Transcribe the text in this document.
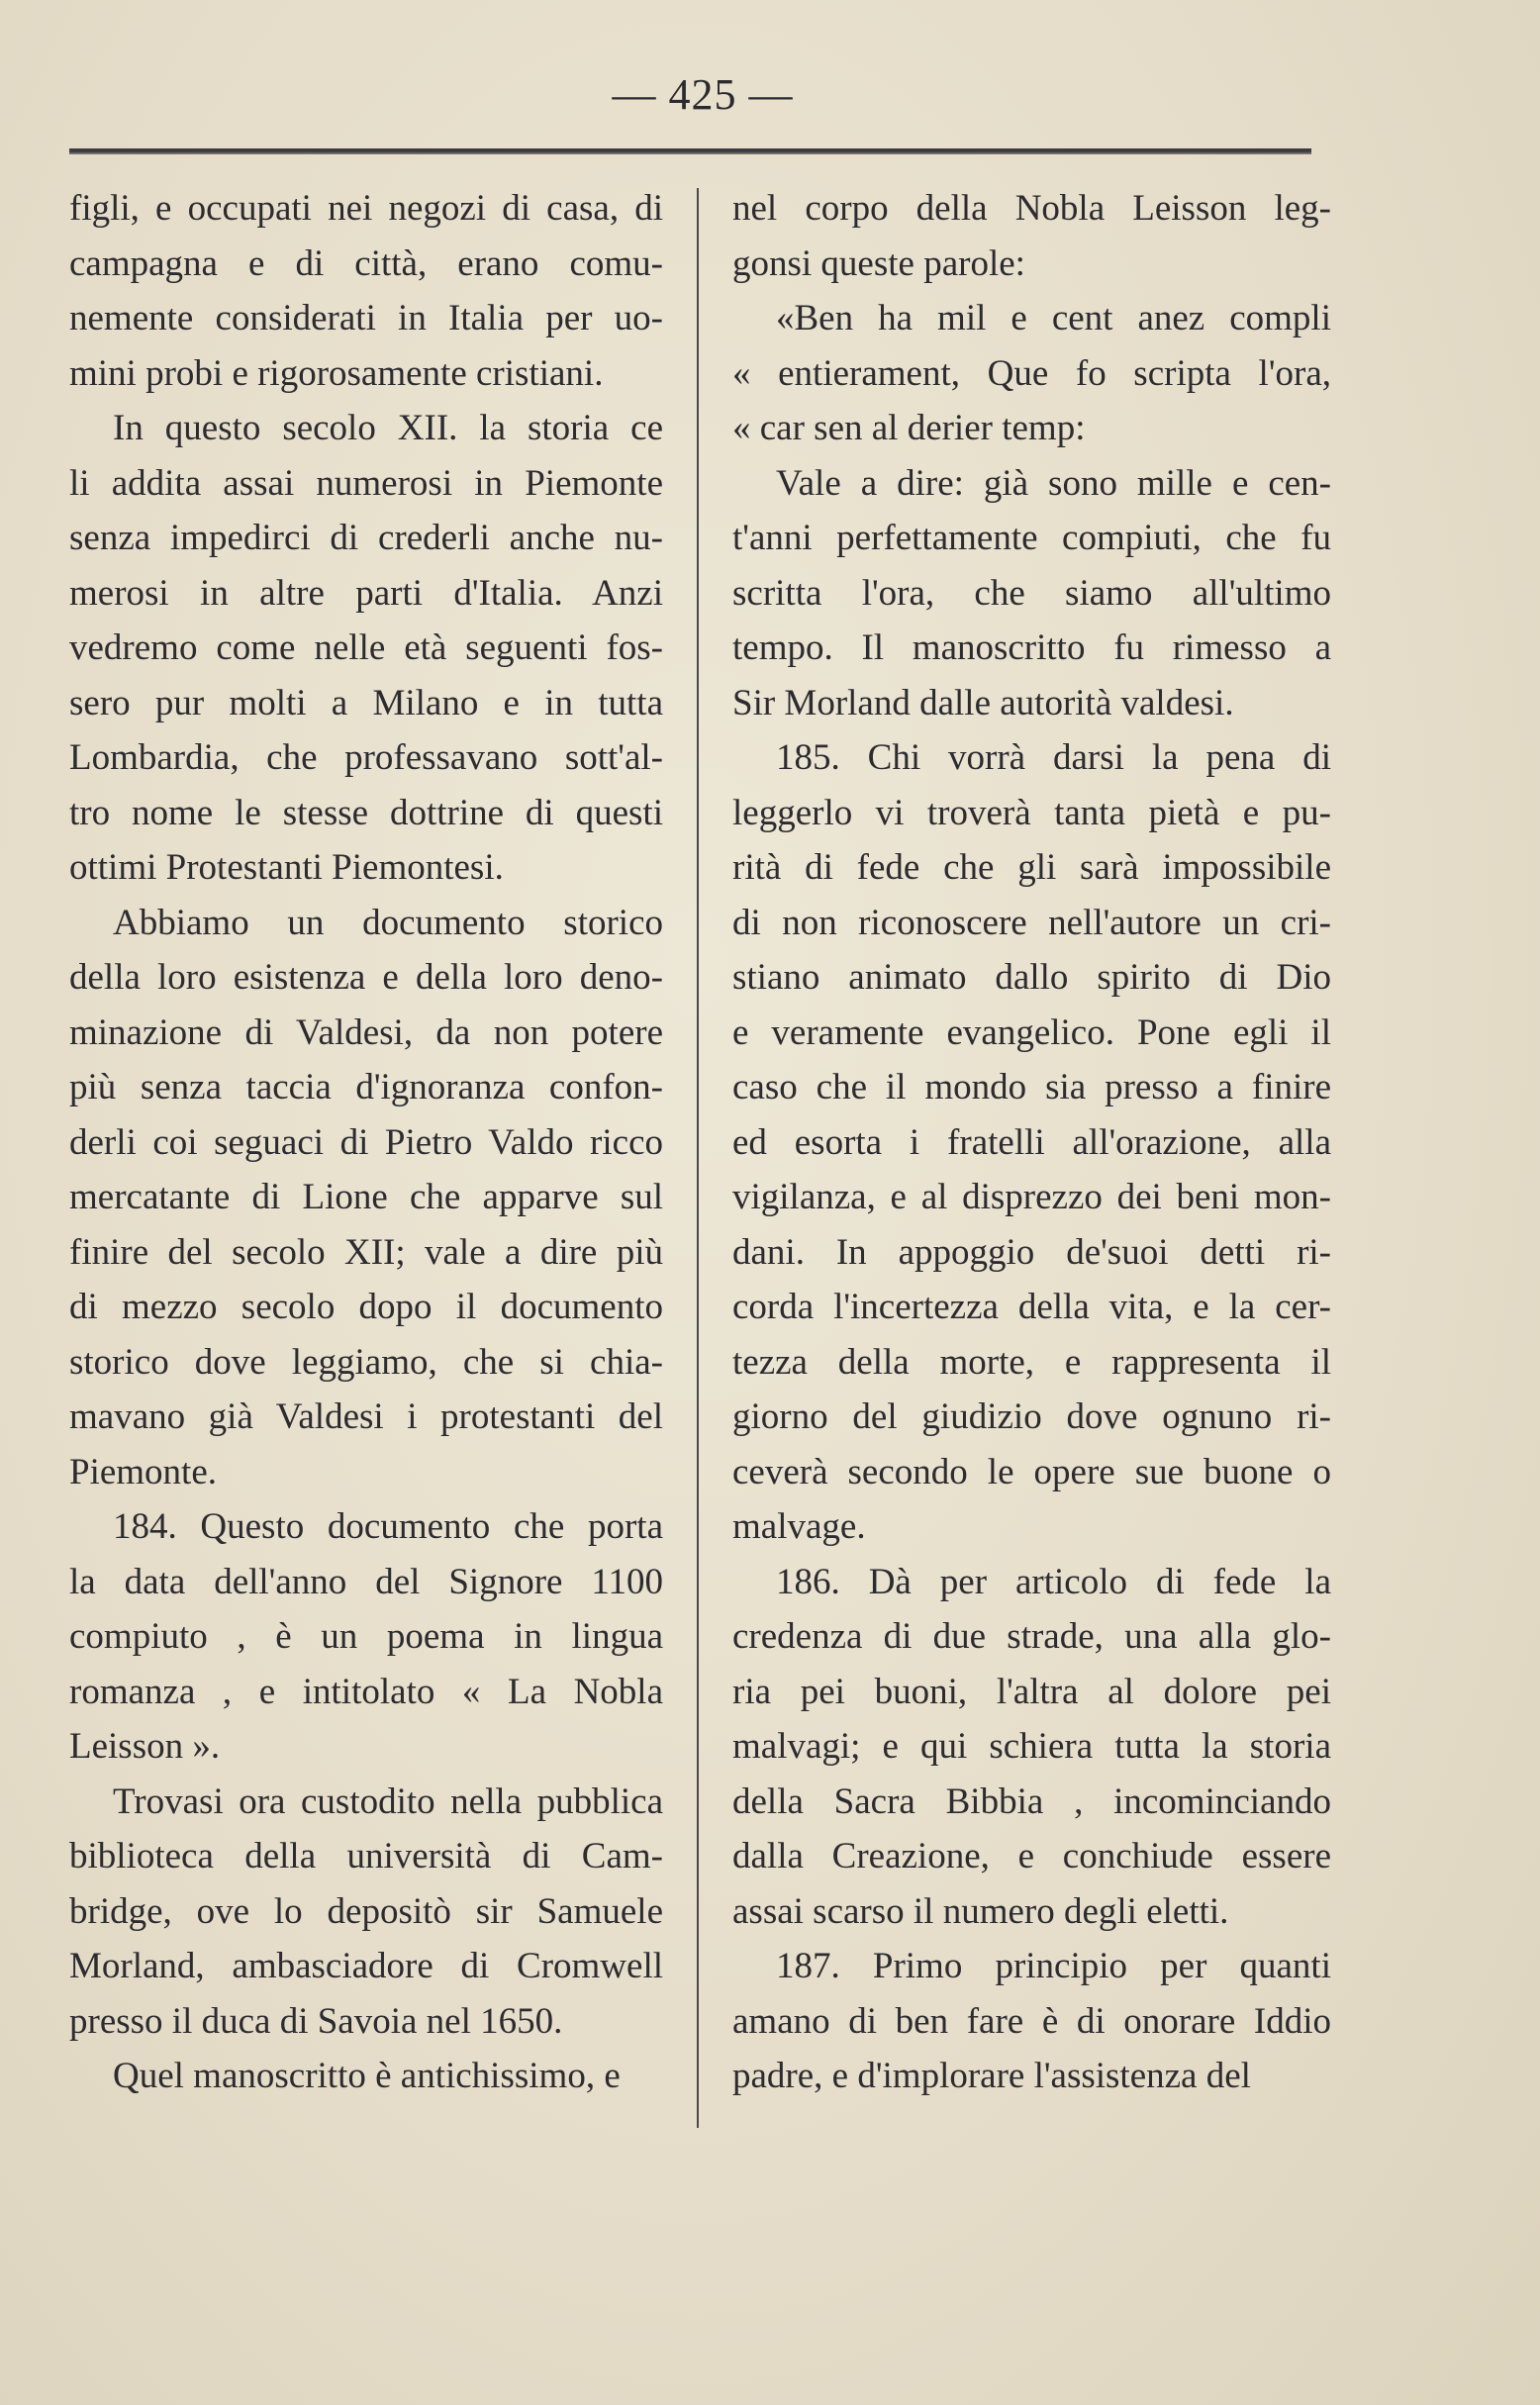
— 425 —
figli, e occupati nei negozi di casa, di
campagna e di città, erano comu-
nemente considerati in Italia per uo-
mini probi e rigorosamente cristiani.
In questo secolo XII. la storia ce
li addita assai numerosi in Piemonte
senza impedirci di crederli anche nu-
merosi in altre parti d'Italia. Anzi
vedremo come nelle età seguenti fos-
sero pur molti a Milano e in tutta
Lombardia, che professavano sott'al-
tro nome le stesse dottrine di questi
ottimi Protestanti Piemontesi.
Abbiamo un documento storico
della loro esistenza e della loro deno-
minazione di Valdesi, da non potere
più senza taccia d'ignoranza confon-
derli coi seguaci di Pietro Valdo ricco
mercatante di Lione che apparve sul
finire del secolo XII; vale a dire più
di mezzo secolo dopo il documento
storico dove leggiamo, che si chia-
mavano già Valdesi i protestanti del
Piemonte.
184. Questo documento che porta
la data dell'anno del Signore 1100
compiuto , è un poema in lingua
romanza , e intitolato « La Nobla
Leisson ».
Trovasi ora custodito nella pubblica
biblioteca della università di Cam-
bridge, ove lo depositò sir Samuele
Morland, ambasciadore di Cromwell
presso il duca di Savoia nel 1650.
Quel manoscritto è antichissimo, e
nel corpo della Nobla Leisson leg-
gonsi queste parole:
«Ben ha mil e cent anez compli
« entierament, Que fo scripta l'ora,
« car sen al derier temp:
Vale a dire: già sono mille e cen-
t'anni perfettamente compiuti, che fu
scritta l'ora, che siamo all'ultimo
tempo. Il manoscritto fu rimesso a
Sir Morland dalle autorità valdesi.
185. Chi vorrà darsi la pena di
leggerlo vi troverà tanta pietà e pu-
rità di fede che gli sarà impossibile
di non riconoscere nell'autore un cri-
stiano animato dallo spirito di Dio
e veramente evangelico. Pone egli il
caso che il mondo sia presso a finire
ed esorta i fratelli all'orazione, alla
vigilanza, e al disprezzo dei beni mon-
dani. In appoggio de'suoi detti ri-
corda l'incertezza della vita, e la cer-
tezza della morte, e rappresenta il
giorno del giudizio dove ognuno ri-
ceverà secondo le opere sue buone o
malvage.
186. Dà per articolo di fede la
credenza di due strade, una alla glo-
ria pei buoni, l'altra al dolore pei
malvagi; e qui schiera tutta la storia
della Sacra Bibbia , incominciando
dalla Creazione, e conchiude essere
assai scarso il numero degli eletti.
187. Primo principio per quanti
amano di ben fare è di onorare Iddio
padre, e d'implorare l'assistenza del
